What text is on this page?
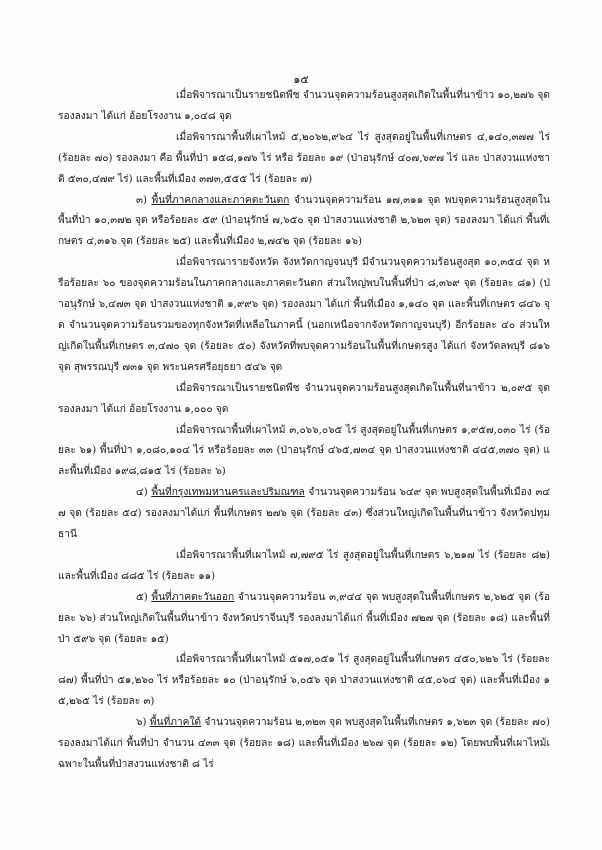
๑๕

เมื่อพิจารณาเป็นรายชนิดพืช จำนวนจุดความร้อนสูงสุดเกิดในพื้นที่นาข้าว ๑๐,๒๗๖ จุด รองลงมา ได้แก่ อ้อยโรงงาน ๑,๐๔๘ จุด

เมื่อพิจารณาพื้นที่เผาไหม้ ๕,๒๐๖๒,๙๖๔ ไร่ สูงสุดอยู่ในพื้นที่เกษตร ๔,๑๔๐,๓๗๗ ไร่ (ร้อยละ ๗๐) รองลงมา คือ พื้นที่ป่า ๑๕๘,๑๗๖ ไร่ หรือ ร้อยละ ๑๙ (ป่าอนุรักษ์ ๔๐๗,๖๙๗ ไร่ และ ป่าสงวนแห่งชาติ ๕๓๐,๔๗๙ ไร่) และพื้นที่เมือง ๓๗๓,๕๕๕ ไร่ (ร้อยละ ๗)

๓) พื้นที่ภาคกลางและภาคตะวันตก จำนวนจุดความร้อน ๑๗,๓๑๑ จุด พบจุดความร้อนสูงสุดในพื้นที่ป่า ๑๐,๓๗๒ จุด หรือร้อยละ ๕๙ (ป่าอนุรักษ์ ๗,๖๕๐ จุด ป่าสงวนแห่งชาติ ๒,๖๒๓ จุด) รองลงมา ได้แก่ พื้นที่เกษตร ๔,๓๑๖ จุด (ร้อยละ ๒๕) และพื้นที่เมือง ๒,๗๔๒ จุด (ร้อยละ ๑๖)

เมื่อพิจารณารายจังหวัด จังหวัดกาญจนบุรี มีจำนวนจุดความร้อนสูงสุด ๑๐,๓๕๔ จุด หรือร้อยละ ๖๐ ของจุดความร้อนในภาคกลางและภาคตะวันตก ส่วนใหญ่พบในพื้นที่ป่า ๘,๓๖๙ จุด (ร้อยละ ๘๑) (ป่าอนุรักษ์ ๖,๔๗๓ จุด ป่าสงวนแห่งชาติ ๑,๙๙๖ จุด) รองลงมา ได้แก่ พื้นที่เมือง ๑,๑๔๐ จุด และพื้นที่เกษตร ๘๔๖ จุด จำนวนจุดความร้อนรวมของทุกจังหวัดที่เหลือในภาคนี้ (นอกเหนือจากจังหวัดกาญจนบุรี) อีกร้อยละ ๔๐ ส่วนใหญ่เกิดในพื้นที่เกษตร ๓,๔๗๐ จุด (ร้อยละ ๕๐) จังหวัดที่พบจุดความร้อนในพื้นที่เกษตรสูง ได้แก่ จังหวัดลพบุรี ๘๑๖ จุด สุพรรณบุรี ๗๓๑ จุด พระนครศรีอยุธยา ๕๔๖ จุด

เมื่อพิจารณาเป็นรายชนิดพืช จำนวนจุดความร้อนสูงสุดเกิดในพื้นที่นาข้าว ๒,๐๙๕ จุด รองลงมา ได้แก่ อ้อยโรงงาน ๑,๐๐๐ จุด

เมื่อพิจารณาพื้นที่เผาไหม้ ๓,๐๖๖,๐๖๕ ไร่ สูงสุดอยู่ในพื้นที่เกษตร ๑,๙๕๗,๐๓๐ ไร่ (ร้อยละ ๖๑) พื้นที่ป่า ๑,๐๘๐,๑๐๔ ไร่ หรือร้อยละ ๓๓ (ป่าอนุรักษ์ ๔๖๕,๗๓๔ จุด ป่าสงวนแห่งชาติ ๔๔๕,๓๗๐ จุด) และพื้นที่เมือง ๑๙๘,๘๑๕ ไร่ (ร้อยละ ๖)

๔) พื้นที่กรุงเทพมหานครและปริมณฑล จำนวนจุดความร้อน ๖๔๙ จุด พบสูงสุดในพื้นที่เมือง ๓๔๗ จุด (ร้อยละ ๕๔) รองลงมาได้แก่ พื้นที่เกษตร ๒๗๖ จุด (ร้อยละ ๔๓) ซึ่งส่วนใหญ่เกิดในพื้นที่นาข้าว จังหวัดปทุมธานี

เมื่อพิจารณาพื้นที่เผาไหม้ ๗,๗๙๕ ไร่ สูงสุดอยู่ในพื้นที่เกษตร ๖,๒๑๗ ไร่ (ร้อยละ ๘๒) และพื้นที่เมือง ๘๘๕ ไร่ (ร้อยละ ๑๑)

๕) พื้นที่ภาคตะวันออก จำนวนจุดความร้อน ๓,๙๔๔ จุด พบสูงสุดในพื้นที่เกษตร ๒,๖๒๕ จุด (ร้อยละ ๖๖) ส่วนใหญ่เกิดในพื้นที่นาข้าว จังหวัดปราจีนบุรี รองลงมาได้แก่ พื้นที่เมือง ๗๒๗ จุด (ร้อยละ ๑๘) และพื้นที่ป่า ๕๙๖ จุด (ร้อยละ ๑๕)

เมื่อพิจารณาพื้นที่เผาไหม้ ๕๑๗,๐๕๑ ไร่ สูงสุดอยู่ในพื้นที่เกษตร ๔๕๐,๖๒๖ ไร่ (ร้อยละ ๘๗) พื้นที่ป่า ๕๑,๒๖๐ ไร่ หรือร้อยละ ๑๐ (ป่าอนุรักษ์ ๖,๐๕๖ จุด ป่าสงวนแห่งชาติ ๔๕,๐๖๔ จุด) และพื้นที่เมือง ๑๕,๒๖๕ ไร่ (ร้อยละ ๓)

๖) พื้นที่ภาคใต้ จำนวนจุดความร้อน ๒,๓๒๓ จุด พบสูงสุดในพื้นที่เกษตร ๑,๖๒๓ จุด (ร้อยละ ๗๐) รองลงมาได้แก่ พื้นที่ป่า จำนวน ๔๓๓ จุด (ร้อยละ ๑๘) และพื้นที่เมือง ๒๖๗ จุด (ร้อยละ ๑๒) โดยพบพื้นที่เผาไหม้เฉพาะในพื้นที่ป่าสงวนแห่งชาติ ๘ ไร่
